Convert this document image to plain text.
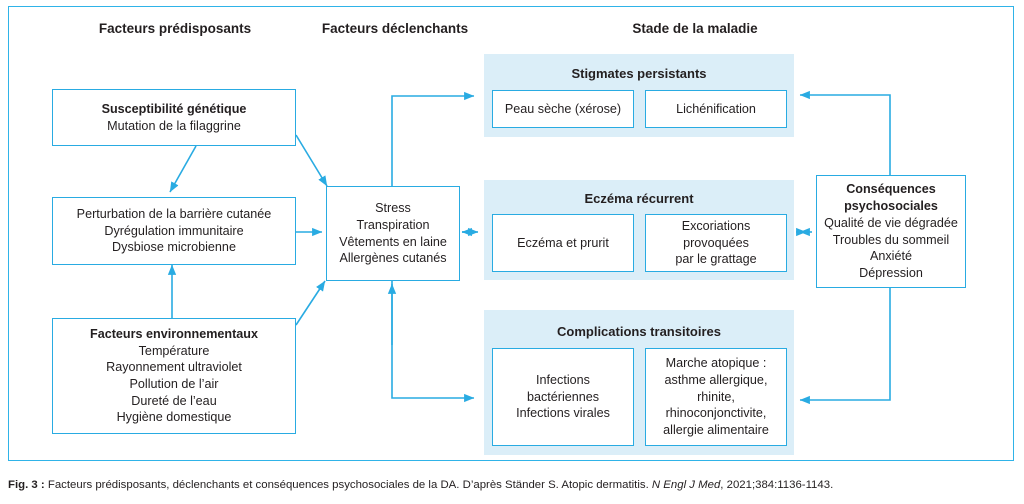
Facteurs prédisposants	Facteurs déclenchants	Stade de la maladie
Stigmates persistants
Eczéma récurrent
Complications transitoires
Susceptibilité génétique
Mutation de la filaggrine
Perturbation de la barrière cutanée
Dyrégulation immunitaire
Dysbiose microbienne
Facteurs environnementaux
Température
Rayonnement ultraviolet
Pollution de l’air
Dureté de l’eau
Hygiène domestique
Stress
Transpiration
Vêtements en laine
Allergènes cutanés
Peau sèche (xérose)	Lichénification
Eczéma et prurit
Excoriations
provoquées
par le grattage
Infections
bactériennes
Infections virales
Marche atopique :
asthme allergique,
rhinite,
rhinoconjonctivite,
allergie alimentaire
Conséquences
psychosociales
Qualité de vie dégradée
Troubles du sommeil
Anxiété
Dépression
Fig. 3 : Facteurs prédisposants, déclenchants et conséquences psychosociales de la DA. D’après Ständer S. Atopic dermatitis. N Engl J Med, 2021;384:1136-1143.
